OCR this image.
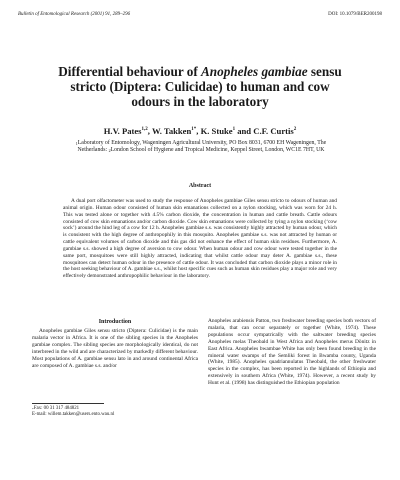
Bulletin of Entomological Research (2001) 91, 289–296	DOI: 10.1079/BER200198
Differential behaviour of Anopheles gambiae sensu stricto (Diptera: Culicidae) to human and cow odours in the laboratory
H.V. Pates$^{1,2}$, W. Takken$^{1*}$, K. Stuke$^1$ and C.F. Curtis$^2$
$^1$Laboratory of Entomology, Wageningen Agricultural University, PO Box 8031, 6700 EH Wageningen, The Netherlands: $^2$London School of Hygiene and Tropical Medicine, Keppel Street, London, WC1E 7HT, UK
Abstract
A dual port olfactometer was used to study the response of Anopheles gambiae Giles sensu stricto to odours of human and animal origin. Human odour consisted of human skin emanations collected on a nylon stocking, which was worn for 24 h. This was tested alone or together with 4.5% carbon dioxide, the concentration in human and cattle breath. Cattle odours consisted of cow skin emanations and/or carbon dioxide. Cow skin emanations were collected by tying a nylon stocking (‘cow sock’) around the hind leg of a cow for 12 h. Anopheles gambiae s.s. was consistently highly attracted by human odour, which is consistent with the high degree of anthropophily in this mosquito. Anopheles gambiae s.s. was not attracted by human or cattle equivalent volumes of carbon dioxide and this gas did not enhance the effect of human skin residues. Furthermore, A. gambiae s.s. showed a high degree of aversion to cow odour. When human odour and cow odour were tested together in the same port, mosquitoes were still highly attracted, indicating that whilst cattle odour may deter A. gambiae s.s., these mosquitoes can detect human odour in the presence of cattle odour. It was concluded that carbon dioxide plays a minor role in the host seeking behaviour of A. gambiae s.s., whilst host specific cues such as human skin residues play a major role and very effectively demonstrated anthropophilic behaviour in the laboratory.
Introduction
Anopheles gambiae Giles sensu stricto (Diptera: Culicidae) is the main malaria vector in Africa. It is one of the sibling species in the Anopheles gambiae complex. The sibling species are morphologically identical, do not interbreed in the wild and are characterized by markedly different behaviour. Most populations of A. gambiae sensu lato in and around continental Africa are composed of A. gambiae s.s. and/or
Anopheles arabiensis Patton, two freshwater breeding species both vectors of malaria, that can occur separately or together (White, 1974). These populations occur sympatrically with the saltwater breeding species Anopheles melas Theobald in West Africa and Anopheles merus Dönitz in East Africa. Anopheles bwambae White has only been found breeding in the mineral water swamps of the Semliki forest in Bwamba county, Uganda (White, 1985). Anopheles quadriannulatus Theobald, the other freshwater species in the complex, has been reported in the highlands of Ethiopia and extensively in southern Africa (White, 1974). However, a recent study by Hunt et al. (1998) has distinguished the Ethiopian population
*Fax: 00 31 317 484821
E-mail: willem.takken@users.ento.wau.nl
